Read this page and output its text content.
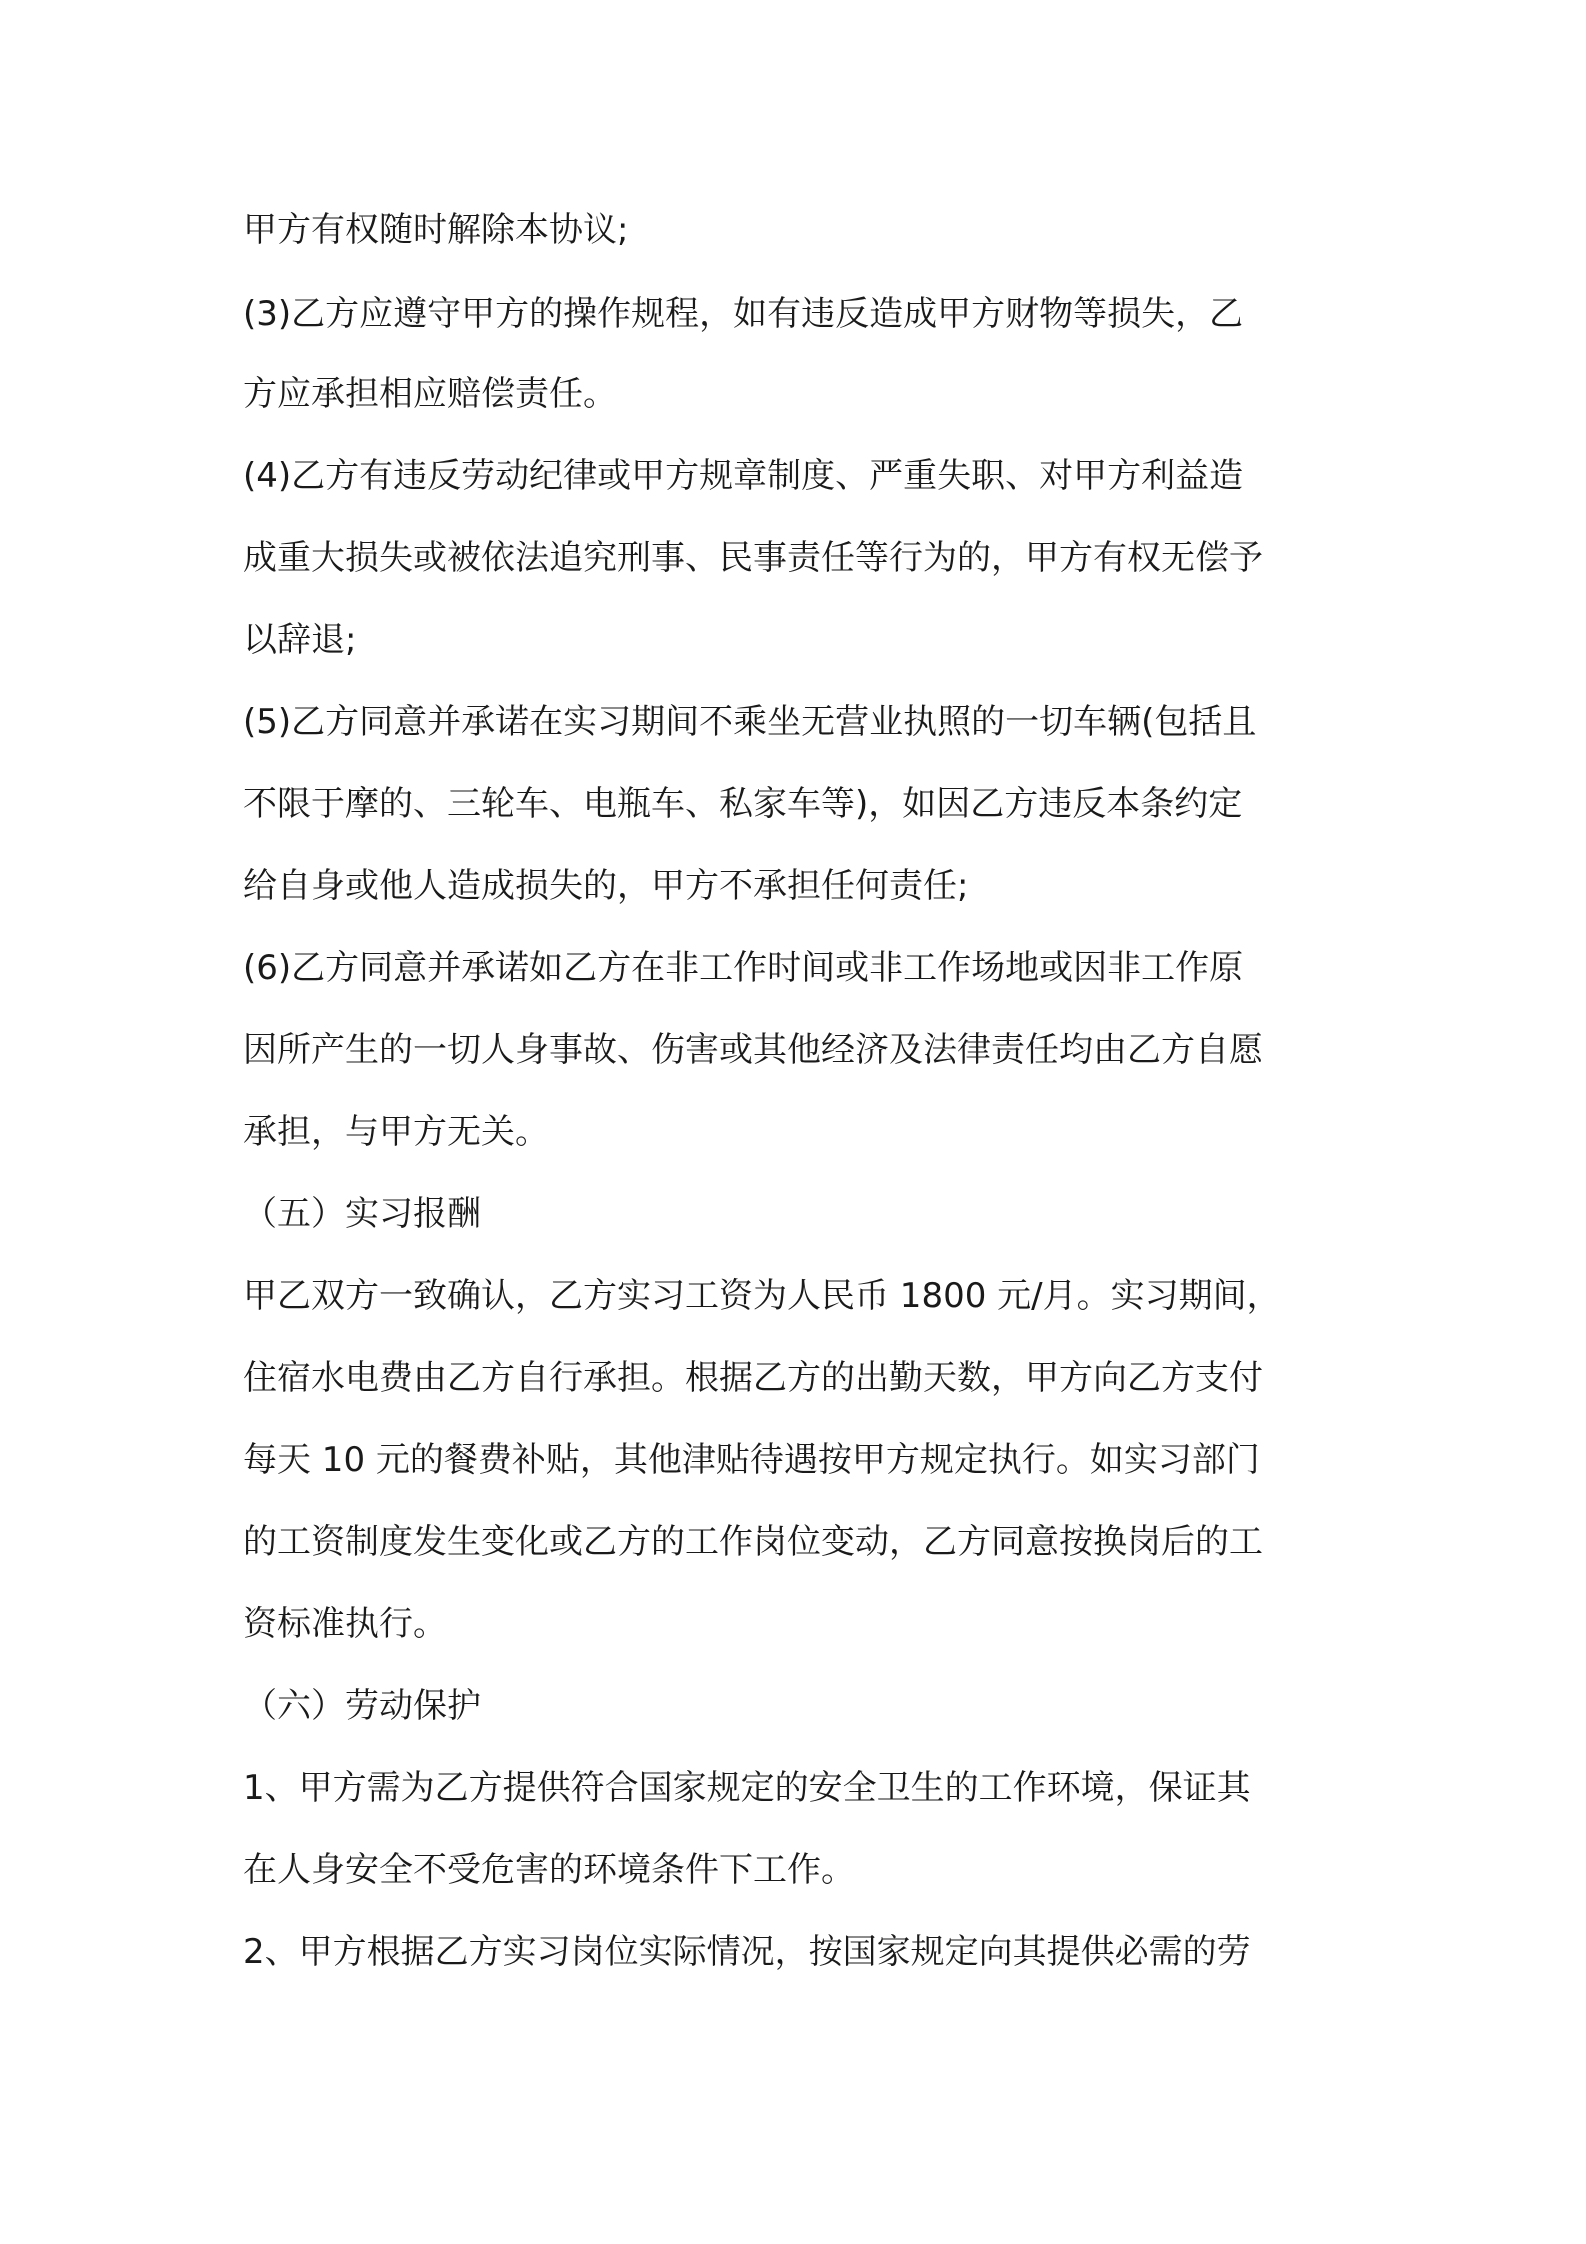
甲方有权随时解除本协议;
(3)乙方应遵守甲方的操作规程，如有违反造成甲方财物等损失，乙
方应承担相应赔偿责任。
(4)乙方有违反劳动纪律或甲方规章制度、严重失职、对甲方利益造
成重大损失或被依法追究刑事、民事责任等行为的，甲方有权无偿予
以辞退;
(5)乙方同意并承诺在实习期间不乘坐无营业执照的一切车辆(包括且
不限于摩的、三轮车、电瓶车、私家车等)，如因乙方违反本条约定
给自身或他人造成损失的，甲方不承担任何责任;
(6)乙方同意并承诺如乙方在非工作时间或非工作场地或因非工作原
因所产生的一切人身事故、伤害或其他经济及法律责任均由乙方自愿
承担，与甲方无关。
（五）实习报酬
甲乙双方一致确认，乙方实习工资为人民币 1800 元/月。实习期间，
住宿水电费由乙方自行承担。根据乙方的出勤天数，甲方向乙方支付
每天 10 元的餐费补贴，其他津贴待遇按甲方规定执行。如实习部门
的工资制度发生变化或乙方的工作岗位变动，乙方同意按换岗后的工
资标准执行。
（六）劳动保护
1、甲方需为乙方提供符合国家规定的安全卫生的工作环境，保证其
在人身安全不受危害的环境条件下工作。
2、甲方根据乙方实习岗位实际情况，按国家规定向其提供必需的劳
